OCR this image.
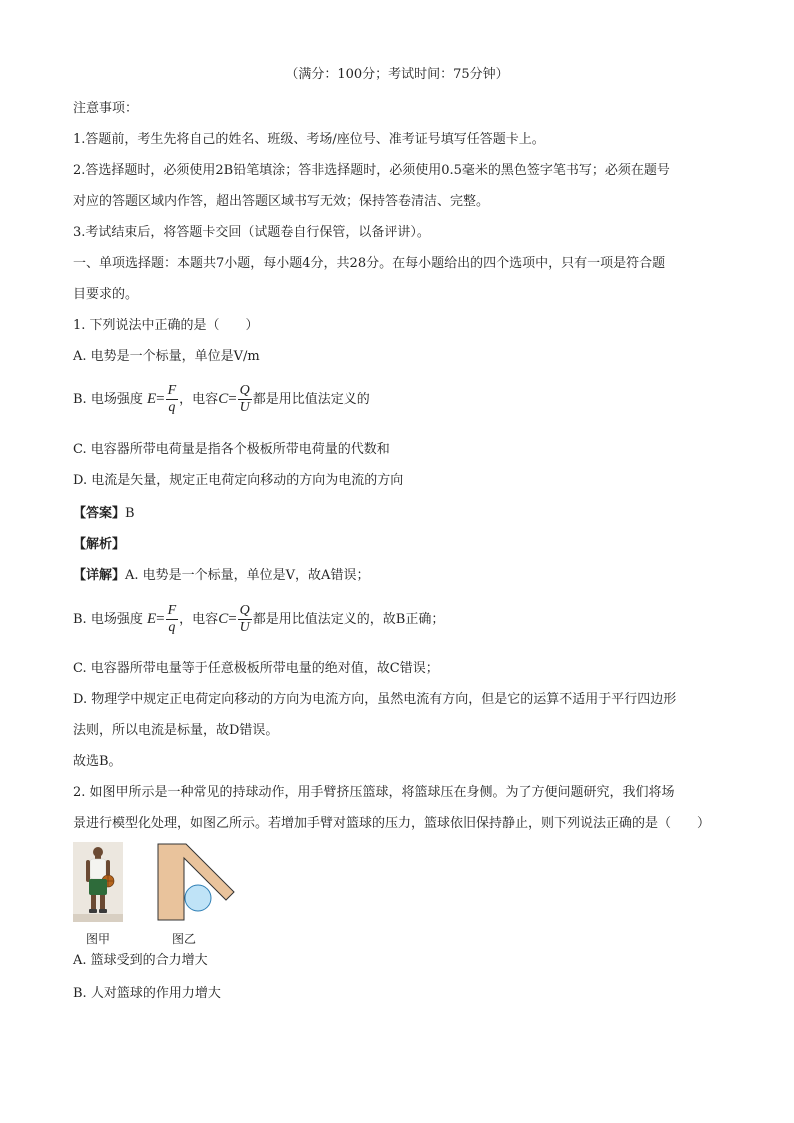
（满分：100分；考试时间：75分钟）
注意事项：
1.答题前，考生先将自己的姓名、班级、考场/座位号、准考证号填写任答题卡上。
2.答选择题时，必须使用2B铅笔填涂；答非选择题时，必须使用0.5毫米的黑色签字笔书写；必须在题号
对应的答题区域内作答，超出答题区域书写无效；保持答卷清洁、完整。
3.考试结束后，将答题卡交回（试题卷自行保管，以备评讲）。
一、单项选择题：本题共7小题，每小题4分，共28分。在每小题给出的四个选项中，只有一项是符合题
目要求的。
1. 下列说法中正确的是（　　）
A. 电势是一个标量，单位是V/m
B. 电场强度 $E= \frac{F}{q}$ ，电容$C= \frac{Q}{U}$ 都是用比值法定义的
C. 电容器所带电荷量是指各个极板所带电荷量的代数和
D. 电流是矢量，规定正电荷定向移动的方向为电流的方向
【答案】B
【解析】
【详解】A. 电势是一个标量，单位是V，故A错误；
B. 电场强度 $E= \frac{F}{q}$ ，电容$C= \frac{Q}{U}$ 都是用比值法定义的，故B正确；
C. 电容器所带电量等于任意极板所带电量的绝对值，故C错误；
D. 物理学中规定正电荷定向移动的方向为电流方向，虽然电流有方向，但是它的运算不适用于平行四边形
法则，所以电流是标量，故D错误。
故选B。
2. 如图甲所示是一种常见的持球动作，用手臂挤压篮球，将篮球压在身侧。为了方便问题研究，我们将场
景进行模型化处理，如图乙所示。若增加手臂对篮球的压力，篮球依旧保持静止，则下列说法正确的是（　　）
图甲	图乙
A. 篮球受到的合力增大
B. 人对篮球的作用力增大
